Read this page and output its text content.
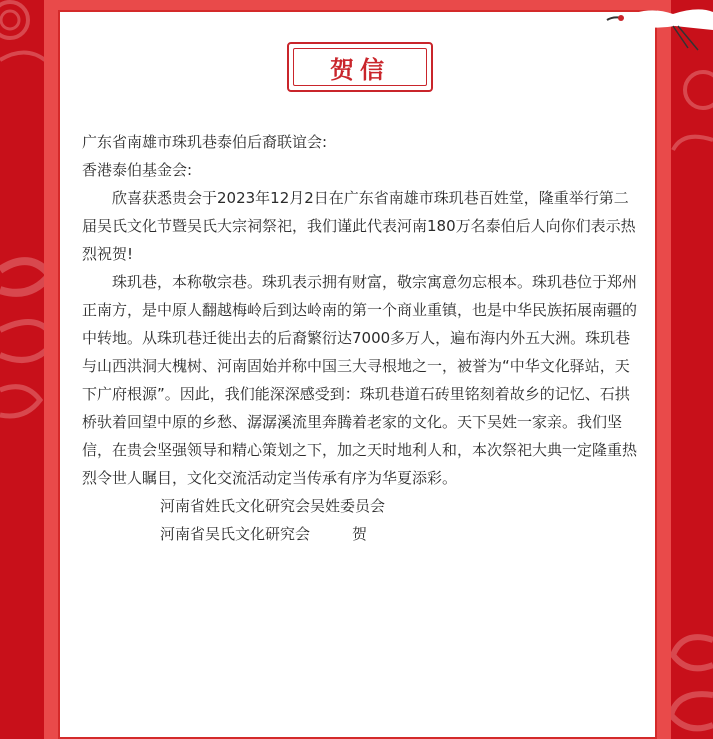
贺信

广东省南雄市珠玑巷泰伯后裔联谊会:

香港泰伯基金会:

欣喜获悉贵会于2023年12月2日在广东省南雄市珠玑巷百姓堂，隆重举行第二届吴氏文化节暨吴氏大宗祠祭祀，我们谨此代表河南180万名泰伯后人向你们表示热烈祝贺!

珠玑巷，本称敬宗巷。珠玑表示拥有财富，敬宗寓意勿忘根本。珠玑巷位于郑州正南方，是中原人翻越梅岭后到达岭南的第一个商业重镇，也是中华民族拓展南疆的中转地。从珠玑巷迁徙出去的后裔繁衍达7000多万人，遍布海内外五大洲。珠玑巷与山西洪洞大槐树、河南固始并称中国三大寻根地之一，被誉为“中华文化驿站，天下广府根源”。因此，我们能深深感受到：珠玑巷道石砖里铭刻着故乡的记忆、石拱桥驮着回望中原的乡愁、潺潺溪流里奔腾着老家的文化。天下吴姓一家亲。我们坚信，在贵会坚强领导和精心策划之下，加之天时地利人和，本次祭祀大典一定隆重热烈令世人瞩目，文化交流活动定当传承有序为华夏添彩。

河南省姓氏文化研究会吴姓委员会

河南省吴氏文化研究会	贺
